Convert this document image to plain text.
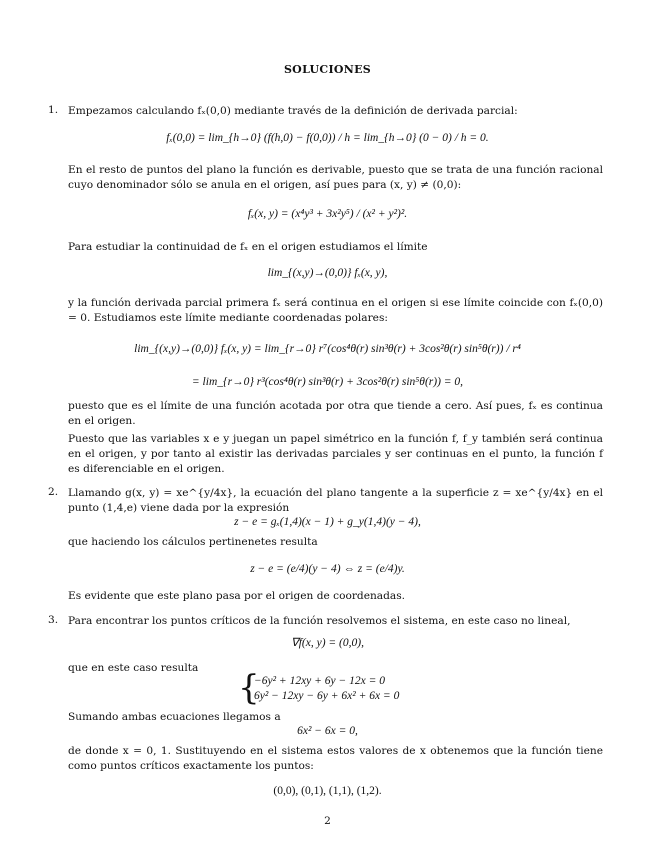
SOLUCIONES
1. Empezamos calculando fₓ(0,0) mediante través de la definición de derivada parcial:
fₓ(0,0) = lim_{h→0} (f(h,0) − f(0,0)) / h = lim_{h→0} (0 − 0) / h = 0.
En el resto de puntos del plano la función es derivable, puesto que se trata de una función racional cuyo denominador sólo se anula en el origen, así pues para (x, y) ≠ (0,0):
fₓ(x, y) = (x⁴y³ + 3x²y⁵) / (x² + y²)².
Para estudiar la continuidad de fₓ en el origen estudiamos el límite
lim_{(x,y)→(0,0)} fₓ(x, y),
y la función derivada parcial primera fₓ será continua en el origen si ese límite coincide con fₓ(0,0) = 0. Estudiamos este límite mediante coordenadas polares:
lim_{(x,y)→(0,0)} fₓ(x, y) = lim_{r→0} r⁷(cos⁴θ(r) sin³θ(r) + 3cos²θ(r) sin⁵θ(r)) / r⁴
= lim_{r→0} r³(cos⁴θ(r) sin³θ(r) + 3cos²θ(r) sin⁵θ(r)) = 0,
puesto que es el límite de una función acotada por otra que tiende a cero. Así pues, fₓ es continua en el origen.
Puesto que las variables x e y juegan un papel simétrico en la función f, f_y también será continua en el origen, y por tanto al existir las derivadas parciales y ser continuas en el punto, la función f es diferenciable en el origen.
2. Llamando g(x, y) = xe^{y/4x}, la ecuación del plano tangente a la superficie z = xe^{y/4x} en el punto (1,4,e) viene dada por la expresión
z − e = gₓ(1,4)(x − 1) + g_y(1,4)(y − 4),
que haciendo los cálculos pertinenetes resulta
z − e = (e/4)(y − 4) ⇔ z = (e/4)y.
Es evidente que este plano pasa por el origen de coordenadas.
3. Para encontrar los puntos críticos de la función resolvemos el sistema, en este caso no lineal,
∇f(x, y) = (0,0),
que en este caso resulta	{
−6y² + 12xy + 6y − 12x = 0
6y² − 12xy − 6y + 6x² + 6x = 0
Sumando ambas ecuaciones llegamos a
6x² − 6x = 0,
de donde x = 0, 1. Sustituyendo en el sistema estos valores de x obtenemos que la función tiene como puntos críticos exactamente los puntos:
(0,0), (0,1), (1,1), (1,2).
2
